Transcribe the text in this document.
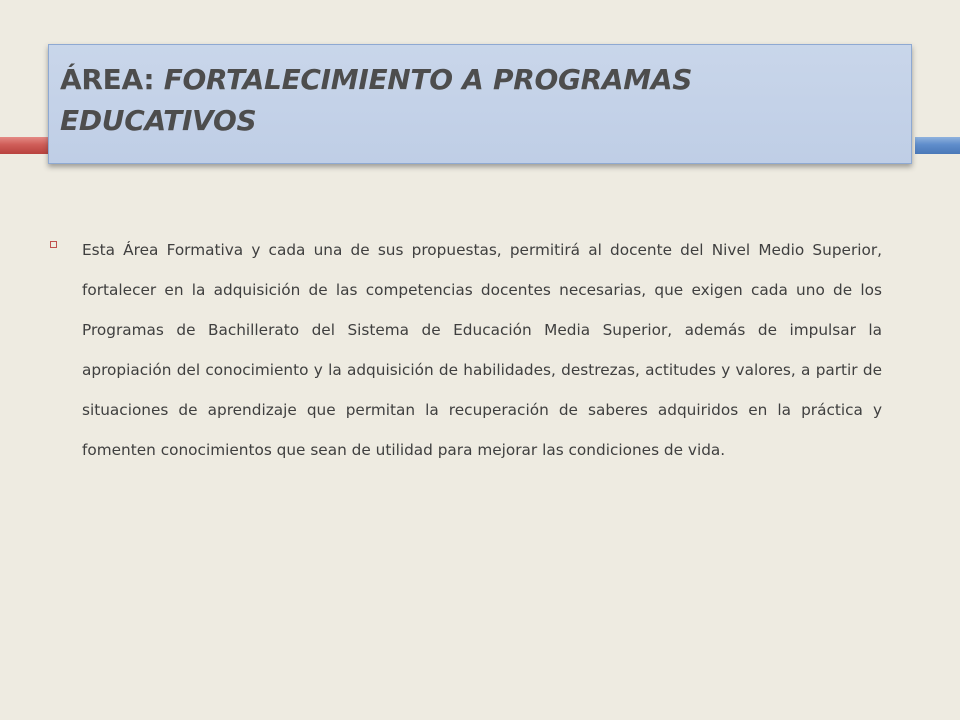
ÁREA: FORTALECIMIENTO A PROGRAMAS EDUCATIVOS

Esta Área Formativa y cada una de sus propuestas, permitirá al docente del Nivel Medio Superior, fortalecer en la adquisición de las competencias docentes necesarias, que exigen cada uno de los Programas de Bachillerato del Sistema de Educación Media Superior, además de impulsar la apropiación del conocimiento y la adquisición de habilidades, destrezas, actitudes y valores, a partir de situaciones de aprendizaje que permitan la recuperación de saberes adquiridos en la práctica y fomenten conocimientos que sean de utilidad para mejorar las condiciones de vida.
